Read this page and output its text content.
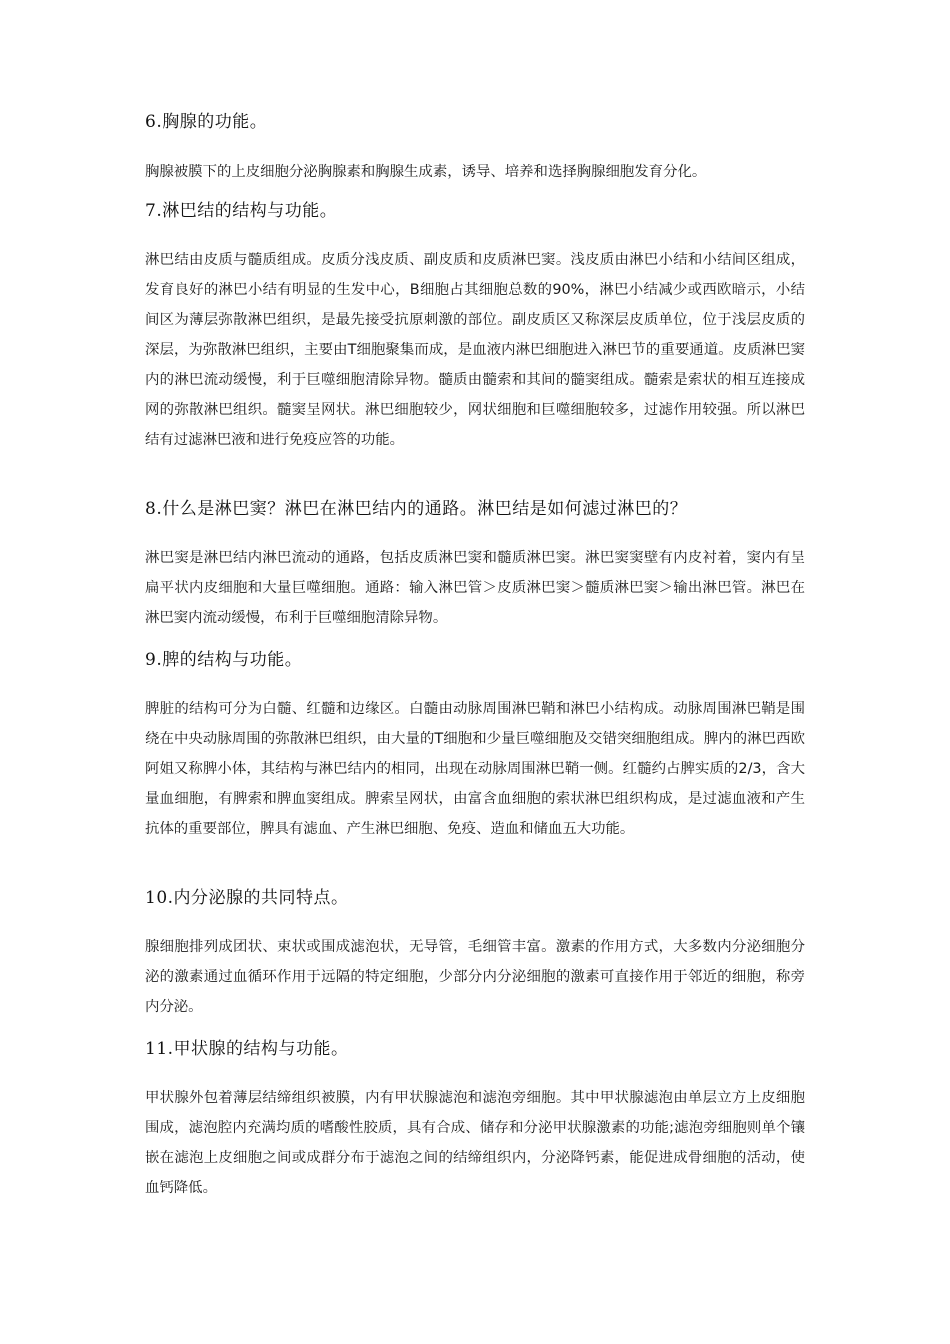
6.胸腺的功能。

胸腺被膜下的上皮细胞分泌胸腺素和胸腺生成素，诱导、培养和选择胸腺细胞发育分化。

7.淋巴结的结构与功能。

淋巴结由皮质与髓质组成。皮质分浅皮质、副皮质和皮质淋巴窦。浅皮质由淋巴小结和小结间区组成，发育良好的淋巴小结有明显的生发中心，B细胞占其细胞总数的90%，淋巴小结减少或西欧暗示，小结间区为薄层弥散淋巴组织，是最先接受抗原刺激的部位。副皮质区又称深层皮质单位，位于浅层皮质的深层，为弥散淋巴组织，主要由T细胞聚集而成，是血液内淋巴细胞进入淋巴节的重要通道。皮质淋巴窦内的淋巴流动缓慢，利于巨噬细胞清除异物。髓质由髓索和其间的髓窦组成。髓索是索状的相互连接成网的弥散淋巴组织。髓窦呈网状。淋巴细胞较少，网状细胞和巨噬细胞较多，过滤作用较强。所以淋巴结有过滤淋巴液和进行免疫应答的功能。

8.什么是淋巴窦？淋巴在淋巴结内的通路。淋巴结是如何滤过淋巴的？

淋巴窦是淋巴结内淋巴流动的通路，包括皮质淋巴窦和髓质淋巴窦。淋巴窦窦壁有内皮衬着，窦内有呈扁平状内皮细胞和大量巨噬细胞。通路：输入淋巴管＞皮质淋巴窦＞髓质淋巴窦＞输出淋巴管。淋巴在淋巴窦内流动缓慢，布利于巨噬细胞清除异物。

9.脾的结构与功能。

脾脏的结构可分为白髓、红髓和边缘区。白髓由动脉周围淋巴鞘和淋巴小结构成。动脉周围淋巴鞘是围绕在中央动脉周围的弥散淋巴组织，由大量的T细胞和少量巨噬细胞及交错突细胞组成。脾内的淋巴西欧阿姐又称脾小体，其结构与淋巴结内的相同，出现在动脉周围淋巴鞘一侧。红髓约占脾实质的2/3，含大量血细胞，有脾索和脾血窦组成。脾索呈网状，由富含血细胞的索状淋巴组织构成，是过滤血液和产生抗体的重要部位，脾具有滤血、产生淋巴细胞、免疫、造血和储血五大功能。

10.内分泌腺的共同特点。

腺细胞排列成团状、束状或围成滤泡状，无导管，毛细管丰富。激素的作用方式，大多数内分泌细胞分泌的激素通过血循环作用于远隔的特定细胞，少部分内分泌细胞的激素可直接作用于邻近的细胞，称旁内分泌。

11.甲状腺的结构与功能。

甲状腺外包着薄层结缔组织被膜，内有甲状腺滤泡和滤泡旁细胞。其中甲状腺滤泡由单层立方上皮细胞围成，滤泡腔内充满均质的嗜酸性胶质，具有合成、储存和分泌甲状腺激素的功能;滤泡旁细胞则单个镶嵌在滤泡上皮细胞之间或成群分布于滤泡之间的结缔组织内，分泌降钙素，能促进成骨细胞的活动，使血钙降低。
